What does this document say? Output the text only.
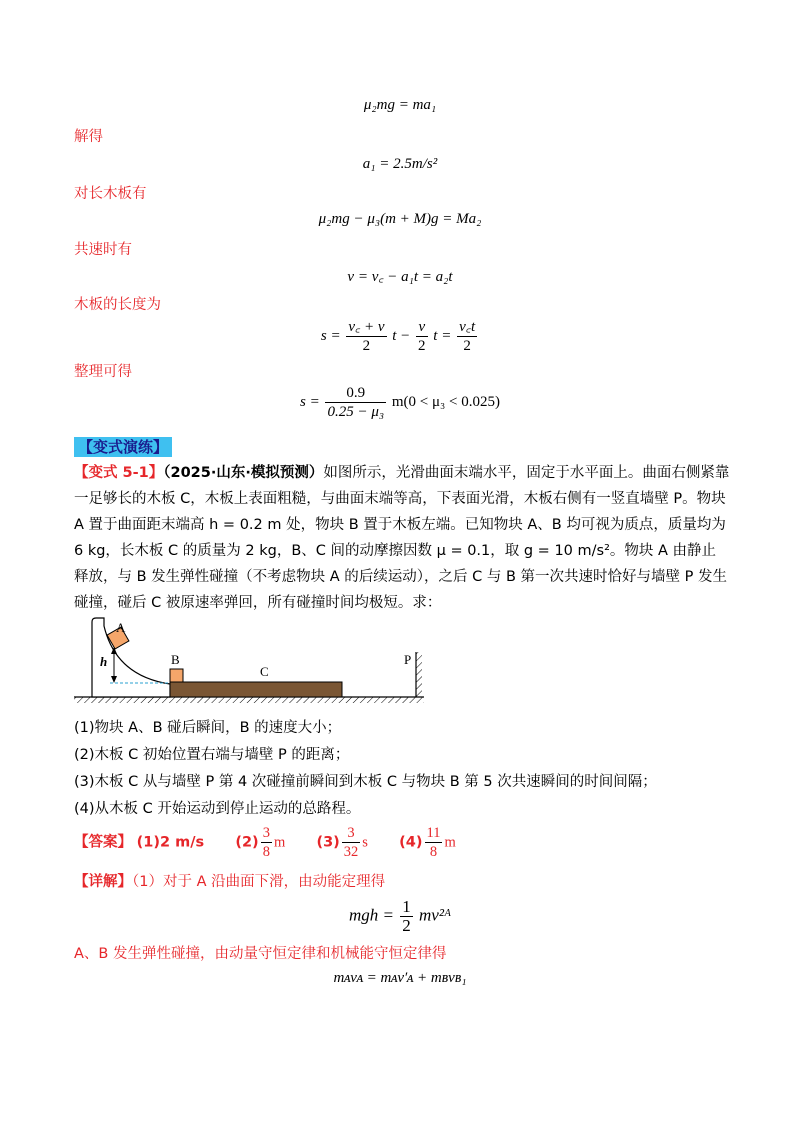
μ₂mg = ma₁
解得
a₁ = 2.5m/s²
对长木板有
μ₂mg − μ₃(m + M)g = Ma₂
共速时有
v = v꜀ − a₁t = a₂t
木板的长度为
$s = \frac{v꜀ + v}{2}$ $t - \frac{v}{2}$ $t = \frac{v꜀t}{2}$
整理可得
$s = \frac{0.9}{\text{0.25 − μ₃}} m(0 < \mu_3 < 0.025)$
【变式演练】
【变式 5-1】（2025·山东·模拟预测）如图所示，光滑曲面末端水平，固定于水平面上。曲面右侧紧靠一足够长的木板 C，木板上表面粗糙，与曲面末端等高，下表面光滑，木板右侧有一竖直墙壁 P。物块 A 置于曲面距末端高 h = 0.2 m 处，物块 B 置于木板左端。已知物块 A、B 均可视为质点，质量均为 6 kg，长木板 C 的质量为 2 kg，B、C 间的动摩擦因数 μ = 0.1，取 g = 10 m/s²。物块 A 由静止释放，与 B 发生弹性碰撞（不考虑物块 A 的后续运动），之后 C 与 B 第一次共速时恰好与墙壁 P 发生碰撞，碰后 C 被原速率弹回，所有碰撞时间均极短。求：
h
A
C
B	P
(1)物块 A、B 碰后瞬间，B 的速度大小；
(2)木板 C 初始位置右端与墙壁 P 的距离；
(3)木板 C 从与墙壁 P 第 4 次碰撞前瞬间到木板 C 与物块 B 第 5 次共速瞬间的时间间隔；
(4)从木板 C 开始运动到停止运动的总路程。
【答案】 (1)2 m/s $(2) \frac{3}{8}$ m $(3) \frac{3}{32}$ s $(4) \frac{11}{8}$ m
【详解】（1）对于 A 沿曲面下滑，由动能定理得
mgh = $\frac{1}{2}$ mv²ᴬ
A、B 发生弹性碰撞，由动量守恒定律和机械能守恒定律得
mᴀvᴀ = mᴀv′ᴀ + mʙvʙ₁
